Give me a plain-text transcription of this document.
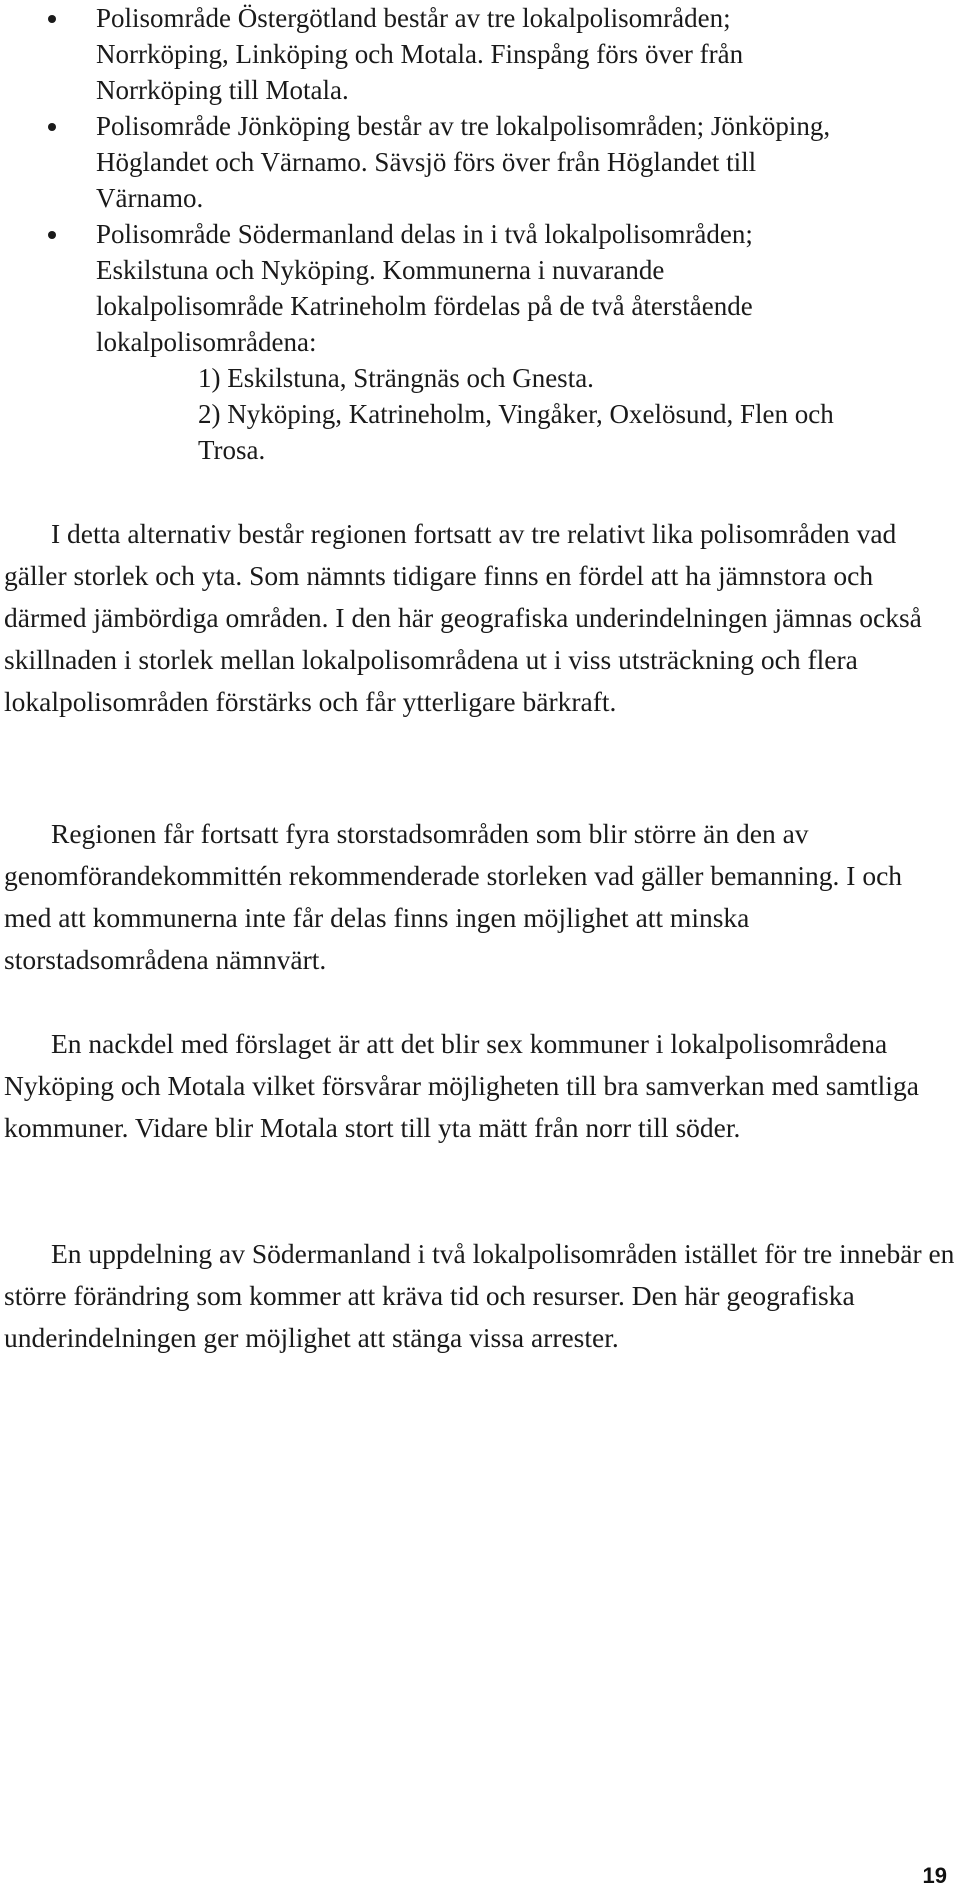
Polisområde Östergötland består av tre lokalpolisområden;
Norrköping, Linköping och Motala. Finspång förs över från
Norrköping till Motala.
Polisområde Jönköping består av tre lokalpolisområden; Jönköping,
Höglandet och Värnamo. Sävsjö förs över från Höglandet till
Värnamo.
Polisområde Södermanland delas in i två lokalpolisområden;
Eskilstuna och Nyköping. Kommunerna i nuvarande
lokalpolisområde Katrineholm fördelas på de två återstående
lokalpolisområdena:
1) Eskilstuna, Strängnäs och Gnesta.
2) Nyköping, Katrineholm, Vingåker, Oxelösund, Flen och
Trosa.

I detta alternativ består regionen fortsatt av tre relativt lika polisområden vad gäller storlek och yta. Som nämnts tidigare finns en fördel att ha jämnstora och därmed jämbördiga områden. I den här geografiska underindelningen jämnas också skillnaden i storlek mellan lokalpolisområdena ut i viss utsträckning och flera lokalpolisområden förstärks och får ytterligare bärkraft.

Regionen får fortsatt fyra storstadsområden som blir större än den av genomförandekommittén rekommenderade storleken vad gäller bemanning. I och med att kommunerna inte får delas finns ingen möjlighet att minska storstadsområdena nämnvärt.

En nackdel med förslaget är att det blir sex kommuner i lokalpolisområdena Nyköping och Motala vilket försvårar möjligheten till bra samverkan med samtliga kommuner. Vidare blir Motala stort till yta mätt från norr till söder.

En uppdelning av Södermanland i två lokalpolisområden istället för tre innebär en större förändring som kommer att kräva tid och resurser. Den här geografiska underindelningen ger möjlighet att stänga vissa arrester.

19
